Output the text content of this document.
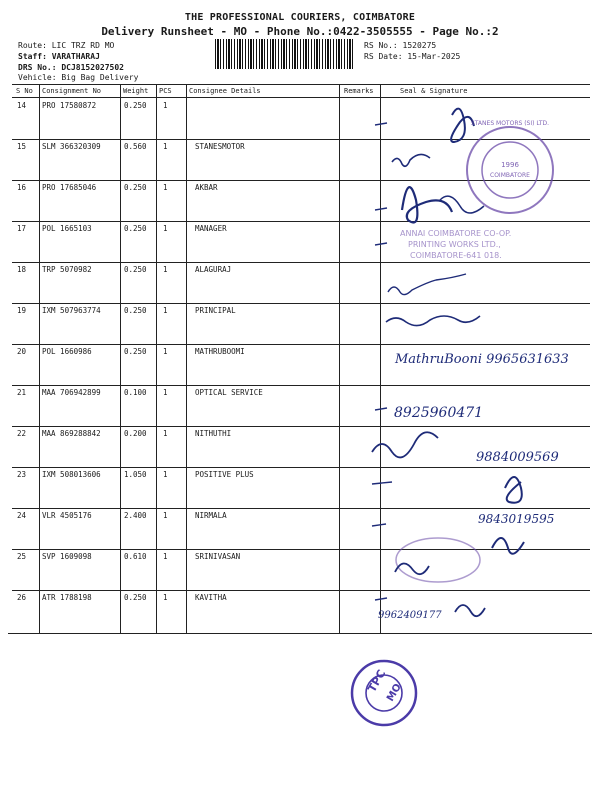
THE PROFESSIONAL COURIERS, COIMBATORE
Delivery Runsheet - MO - Phone No.:0422-3505555 - Page No.:2
Route: LIC TRZ RD MO
Staff: VARATHARAJ
DRS No.: DCJ8152027502
Vehicle: Big Bag Delivery
RS No.: 1520275
RS Date: 15-Mar-2025
S No Consignment No	Weight PCS Consignee Details	Remarks	Seal & Signature
14 PRO 17580872	0.250 1
15 SLM 366320309	0.560 1	STANESMOTOR
16 PRO 17685046	0.250 1	AKBAR
17 POL 1665103	0.250 1	MANAGER
18 TRP 5070982	0.250 1	ALAGURAJ
19 IXM 507963774	0.250 1	PRINCIPAL
20 POL 1660986	0.250 1	MATHRUBOOMI
21 MAA 706942899	0.100 1	OPTICAL SERVICE
22 MAA 869288842	0.200 1	NITHUTHI
23 IXM 508013606	1.050 1	POSITIVE PLUS
24 VLR 4505176	2.400 1	NIRMALA
25 SVP 1609098	0.610 1	SRINIVASAN
26 ATR 1788198	0.250 1	KAVITHA
1996
COIMBATORE
STANES MOTORS (SI) LTD.
ANNAI COIMBATORE CO-OP.
PRINTING WORKS LTD.,
COIMBATORE-641 018.
TPC
MO
MathruBooni 9965631633
8925960471
9884009569
9843019595
9962409177
